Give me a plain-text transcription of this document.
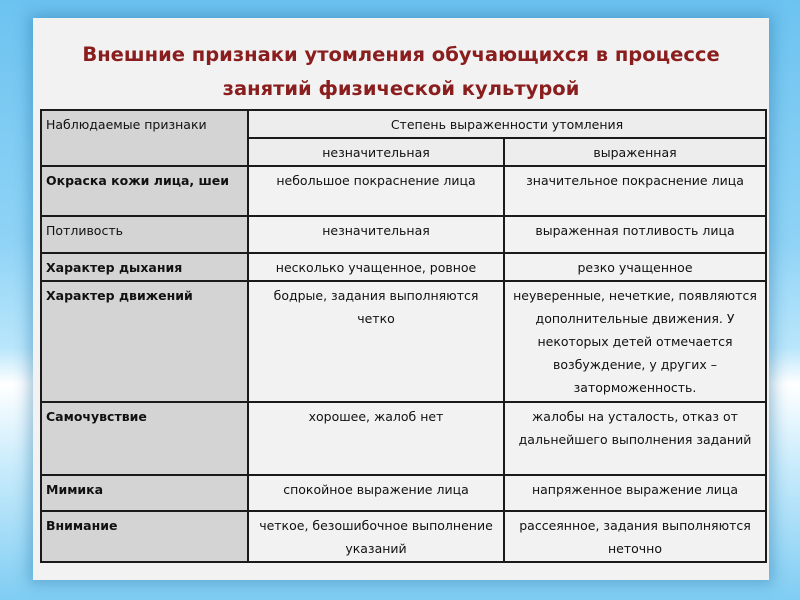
Внешние признаки утомления обучающихся в процессе
занятий физической культурой
Наблюдаемые признаки	Степень выраженности утомления	
	незначительная	выраженная
Окраска кожи лица, шеи	небольшое покраснение лица	значительное покраснение лица
Потливость	незначительная	выраженная потливость лица
Характер дыхания	несколько учащенное, ровное	резко учащенное
Характер движений	бодрые, задания выполняются четко	неуверенные, нечеткие, появляются дополнительные движения. У некоторых детей отмечается возбуждение, у других – заторможенность.
Самочувствие	хорошее, жалоб нет	жалобы на усталость, отказ от дальнейшего выполнения заданий
Мимика	спокойное выражение лица	напряженное выражение лица
Внимание	четкое, безошибочное выполнение указаний	рассеянное, задания выполняются неточно
